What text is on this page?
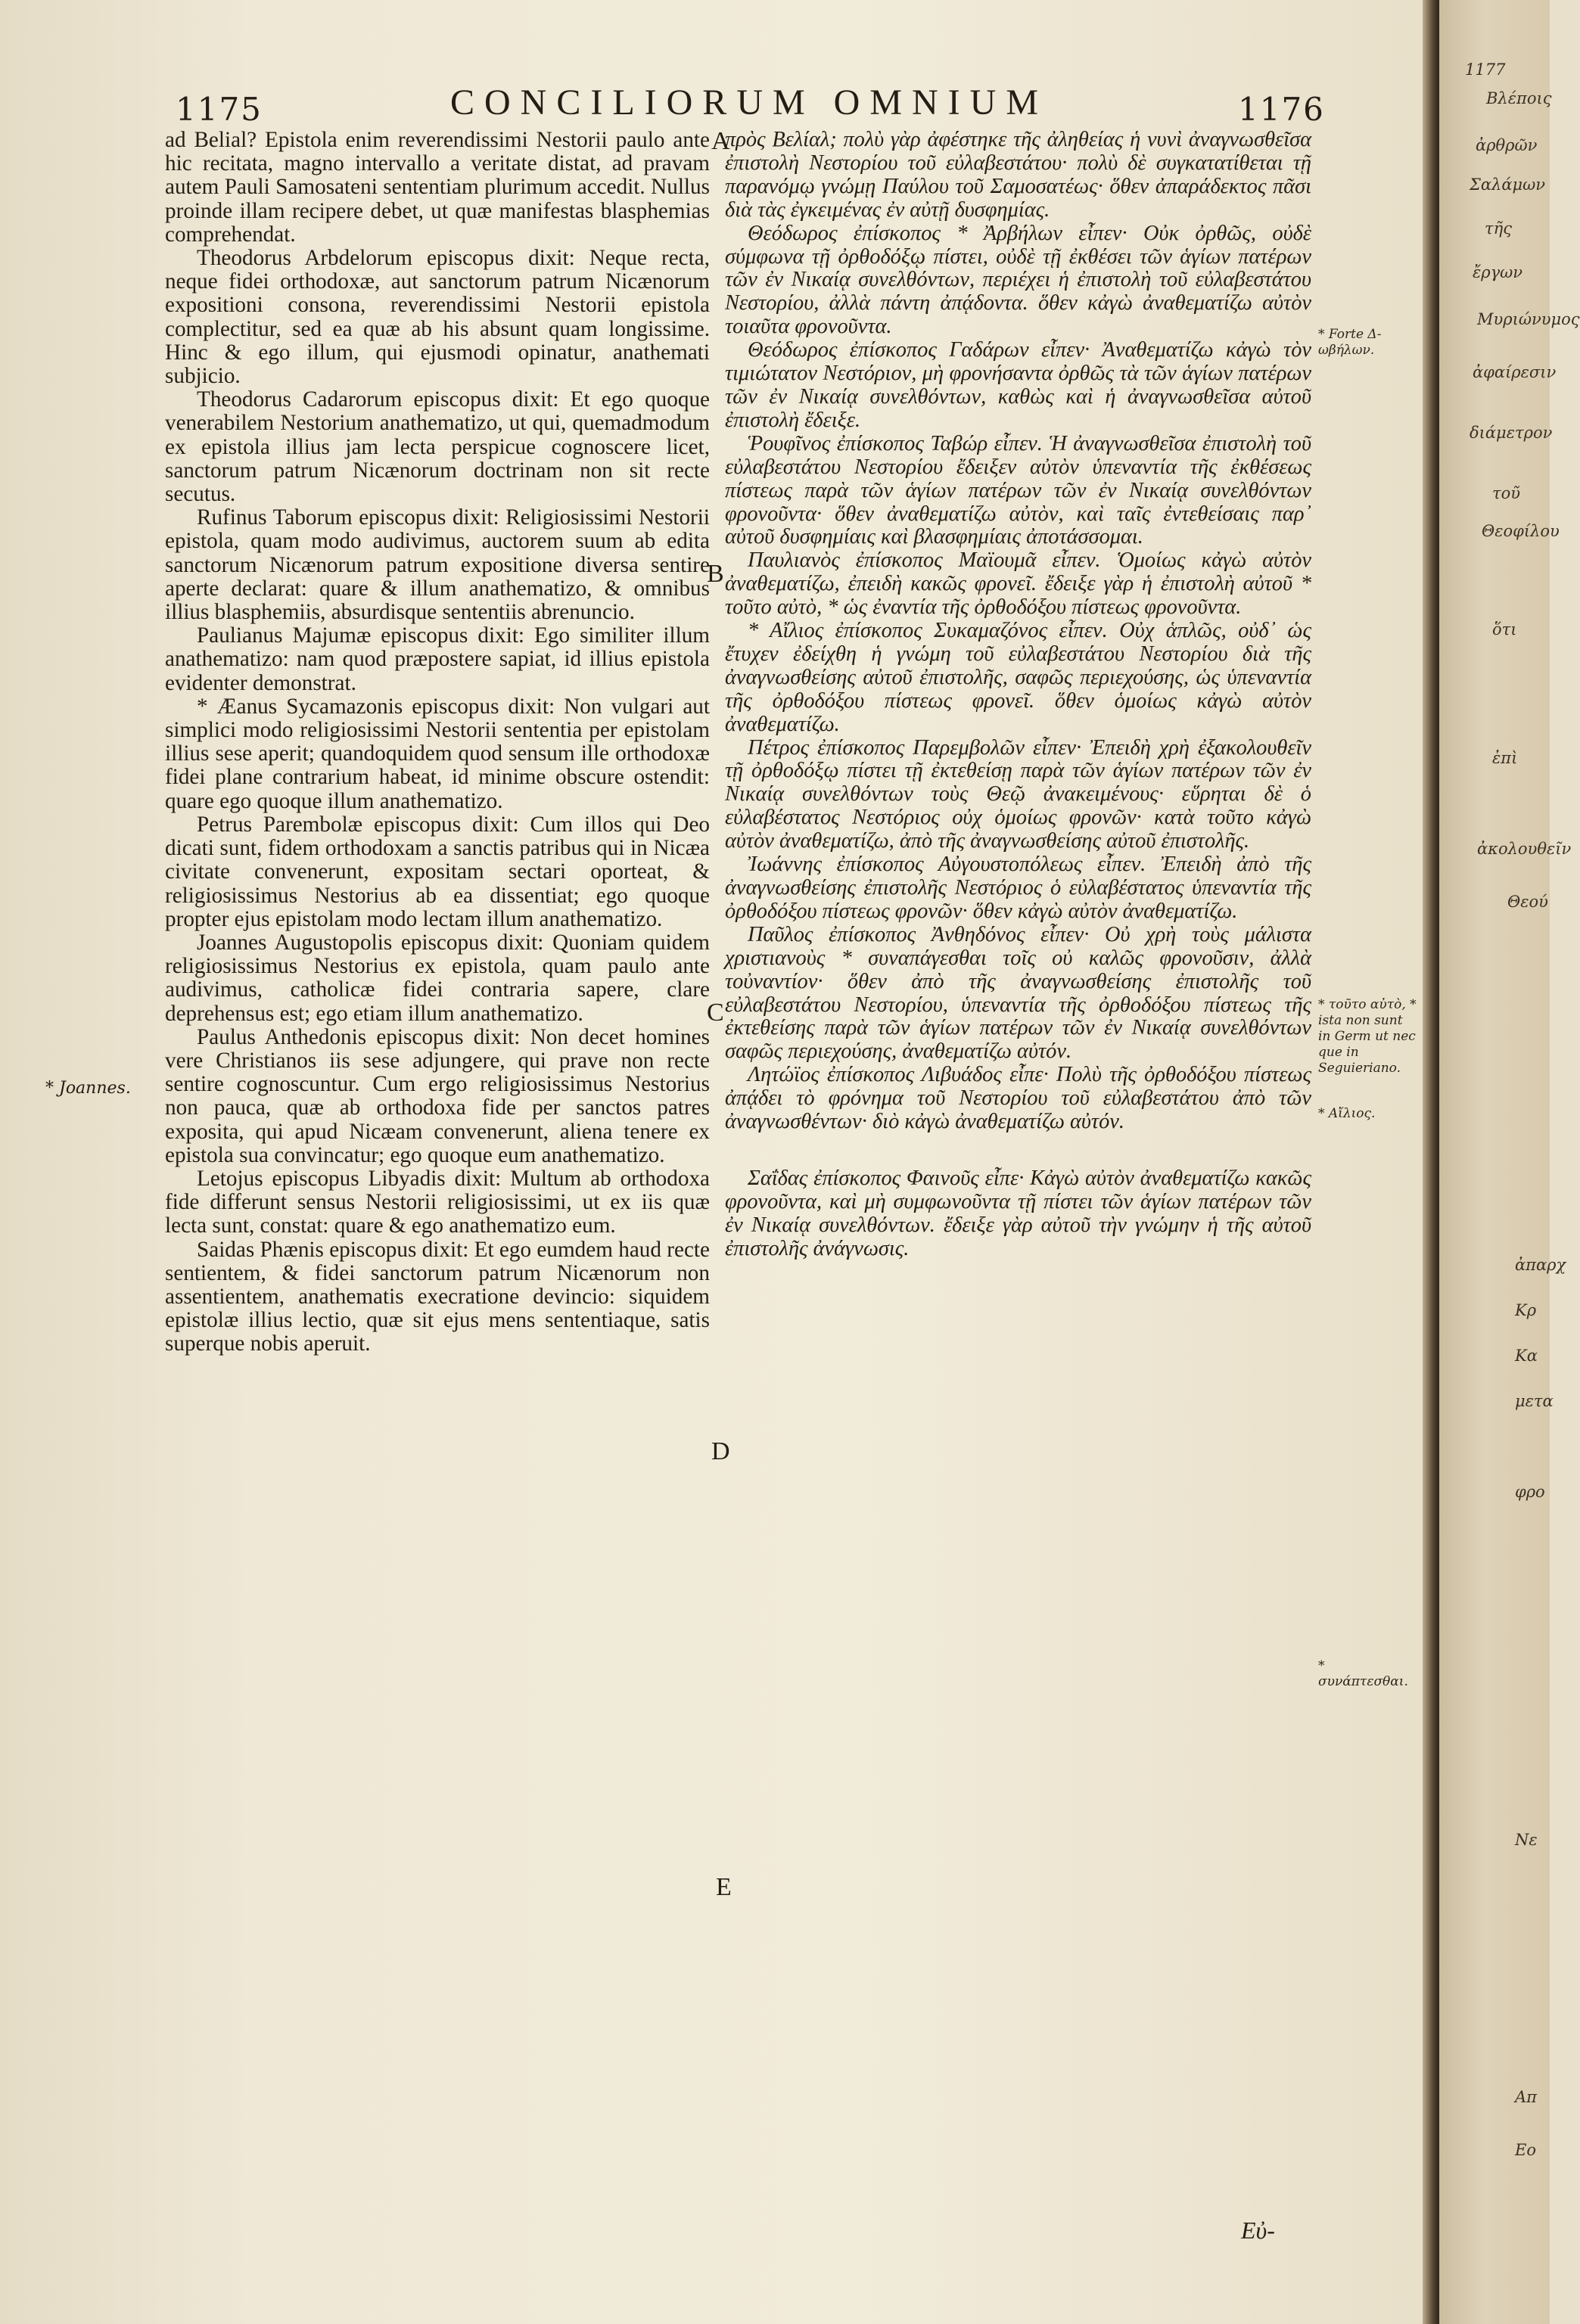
1175	CONCILIORUM OMNIUM	1176

ad Belial? Epistola enim reverendissimi Nestorii paulo ante hic recitata, magno intervallo a veritate distat, ad pravam autem Pauli Samosateni sententiam plurimum accedit. Nullus proinde illam recipere debet, ut quæ manifestas blasphemias comprehendat.

Theodorus Arbdelorum episcopus dixit: Neque recta, neque fidei orthodoxæ, aut sanctorum patrum Nicænorum expositioni consona, reverendissimi Nestorii epistola complectitur, sed ea quæ ab his absunt quam longissime. Hinc & ego illum, qui ejusmodi opinatur, anathemati subjicio.

Theodorus Cadarorum episcopus dixit: Et ego quoque venerabilem Nestorium anathematizo, ut qui, quemadmodum ex epistola illius jam lecta perspicue cognoscere licet, sanctorum patrum Nicænorum doctrinam non sit recte secutus.

Rufinus Taborum episcopus dixit: Religiosissimi Nestorii epistola, quam modo audivimus, auctorem suum ab edita sanctorum Nicænorum patrum expositione diversa sentire aperte declarat: quare & illum anathematizo, & omnibus illius blasphemiis, absurdisque sententiis abrenuncio.

Paulianus Majumæ episcopus dixit: Ego similiter illum anathematizo: nam quod præpostere sapiat, id illius epistola evidenter demonstrat.

* Æanus Sycamazonis episcopus dixit: Non vulgari aut simplici modo religiosissimi Nestorii sententia per epistolam illius sese aperit; quandoquidem quod sensum ille orthodoxæ fidei plane contrarium habeat, id minime obscure ostendit: quare ego quoque illum anathematizo.

Petrus Parembolæ episcopus dixit: Cum illos qui Deo dicati sunt, fidem orthodoxam a sanctis patribus qui in Nicæa civitate convenerunt, expositam sectari oporteat, & religiosissimus Nestorius ab ea dissentiat; ego quoque propter ejus epistolam modo lectam illum anathematizo.

Joannes Augustopolis episcopus dixit: Quoniam quidem religiosissimus Nestorius ex epistola, quam paulo ante audivimus, catholicæ fidei contraria sapere, clare deprehensus est; ego etiam illum anathematizo.

Paulus Anthedonis episcopus dixit: Non decet homines vere Christianos iis sese adjungere, qui prave non recte sentire cognoscuntur. Cum ergo religiosissimus Nestorius non pauca, quæ ab orthodoxa fide per sanctos patres exposita, qui apud Nicæam convenerunt, aliena tenere ex epistola sua convincatur; ego quoque eum anathematizo.

Letojus episcopus Libyadis dixit: Multum ab orthodoxa fide differunt sensus Nestorii religiosissimi, ut ex iis quæ lecta sunt, constat: quare & ego anathematizo eum.

Saidas Phænis episcopus dixit: Et ego eumdem haud recte sentientem, & fidei sanctorum patrum Nicænorum non assentientem, anathematis execratione devincio: siquidem epistolæ illius lectio, quæ sit ejus mens sententiaque, satis superque nobis aperuit.

A
B
C
D
E

πρὸς Βελίαλ; πολὺ γὰρ ἀφέστηκε τῆς ἀληθείας ἡ νυνὶ ἀναγνωσθεῖσα ἐπιστολὴ Νεστορίου τοῦ εὐλαβεστάτου· πολὺ δὲ συγκατατίθεται τῇ παρανόμῳ γνώμῃ Παύλου τοῦ Σαμοσατέως· ὅθεν ἀπαράδεκτος πᾶσι διὰ τὰς ἐγκειμένας ἐν αὐτῇ δυσφημίας.

Θεόδωρος ἐπίσκοπος * Ἀρβήλων εἶπεν· Οὐκ ὀρθῶς, οὐδὲ σύμφωνα τῇ ὀρθοδόξῳ πίστει, οὐδὲ τῇ ἐκθέσει τῶν ἁγίων πατέρων τῶν ἐν Νικαίᾳ συνελθόντων, περιέχει ἡ ἐπιστολὴ τοῦ εὐλαβεστάτου Νεστορίου, ἀλλὰ πάντη ἀπᾴδοντα. ὅθεν κἀγὼ ἀναθεματίζω αὐτὸν τοιαῦτα φρονοῦντα.

Θεόδωρος ἐπίσκοπος Γαδάρων εἶπεν· Ἀναθεματίζω κἀγὼ τὸν τιμιώτατον Νεστόριον, μὴ φρονήσαντα ὀρθῶς τὰ τῶν ἁγίων πατέρων τῶν ἐν Νικαίᾳ συνελθόντων, καθὼς καὶ ἡ ἀναγνωσθεῖσα αὐτοῦ ἐπιστολὴ ἔδειξε.

Ῥουφῖνος ἐπίσκοπος Ταβώρ εἶπεν. Ἡ ἀναγνωσθεῖσα ἐπιστολὴ τοῦ εὐλαβεστάτου Νεστορίου ἔδειξεν αὐτὸν ὑπεναντία τῆς ἐκθέσεως πίστεως παρὰ τῶν ἁγίων πατέρων τῶν ἐν Νικαίᾳ συνελθόντων φρονοῦντα· ὅθεν ἀναθεματίζω αὐτὸν, καὶ ταῖς ἐντεθείσαις παρ᾽ αὐτοῦ δυσφημίαις καὶ βλασφημίαις ἀποτάσσομαι.

Παυλιανὸς ἐπίσκοπος Μαϊουμᾶ εἶπεν. Ὁμοίως κἀγὼ αὐτὸν ἀναθεματίζω, ἐπειδὴ κακῶς φρονεῖ. ἔδειξε γὰρ ἡ ἐπιστολὴ αὐτοῦ * τοῦτο αὐτὸ, * ὡς ἐναντία τῆς ὀρθοδόξου πίστεως φρονοῦντα.

* Αἴλιος ἐπίσκοπος Συκαμαζόνος εἶπεν. Οὐχ ἁπλῶς, οὐδ᾽ ὡς ἔτυχεν ἐδείχθη ἡ γνώμη τοῦ εὐλαβεστάτου Νεστορίου διὰ τῆς ἀναγνωσθείσης αὐτοῦ ἐπιστολῆς, σαφῶς περιεχούσης, ὡς ὑπεναντία τῆς ὀρθοδόξου πίστεως φρονεῖ. ὅθεν ὁμοίως κἀγὼ αὐτὸν ἀναθεματίζω.

Πέτρος ἐπίσκοπος Παρεμβολῶν εἶπεν· Ἐπειδὴ χρὴ ἐξακολουθεῖν τῇ ὀρθοδόξῳ πίστει τῇ ἐκτεθείσῃ παρὰ τῶν ἁγίων πατέρων τῶν ἐν Νικαίᾳ συνελθόντων τοὺς Θεῷ ἀνακειμένους· εὕρηται δὲ ὁ εὐλαβέστατος Νεστόριος οὐχ ὁμοίως φρονῶν· κατὰ τοῦτο κἀγὼ αὐτὸν ἀναθεματίζω, ἀπὸ τῆς ἀναγνωσθείσης αὐτοῦ ἐπιστολῆς.

Ἰωάννης ἐπίσκοπος Αὐγουστοπόλεως εἶπεν. Ἐπειδὴ ἀπὸ τῆς ἀναγνωσθείσης ἐπιστολῆς Νεστόριος ὁ εὐλαβέστατος ὑπεναντία τῆς ὀρθοδόξου πίστεως φρονῶν· ὅθεν κἀγὼ αὐτὸν ἀναθεματίζω.

Παῦλος ἐπίσκοπος Ἀνθηδόνος εἶπεν· Οὐ χρὴ τοὺς μάλιστα χριστιανοὺς * συναπάγεσθαι τοῖς οὐ καλῶς φρονοῦσιν, ἀλλὰ τοὐναντίον· ὅθεν ἀπὸ τῆς ἀναγνωσθείσης ἐπιστολῆς τοῦ εὐλαβεστάτου Νεστορίου, ὑπεναντία τῆς ὀρθοδόξου πίστεως τῆς ἐκτεθείσης παρὰ τῶν ἁγίων πατέρων τῶν ἐν Νικαίᾳ συνελθόντων σαφῶς περιεχούσης, ἀναθεματίζω αὐτόν.

Λητώϊος ἐπίσκοπος Λιβυάδος εἶπε· Πολὺ τῆς ὀρθοδόξου πίστεως ἀπᾴδει τὸ φρόνημα τοῦ Νεστορίου τοῦ εὐλαβεστάτου ἀπὸ τῶν ἀναγνωσθέντων· διὸ κἀγὼ ἀναθεματίζω αὐτόν.

Σαΐδας ἐπίσκοπος Φαινοῦς εἶπε· Κἀγὼ αὐτὸν ἀναθεματίζω κακῶς φρονοῦντα, καὶ μὴ συμφωνοῦντα τῇ πίστει τῶν ἁγίων πατέρων τῶν ἐν Νικαίᾳ συνελθόντων. ἔδειξε γὰρ αὐτοῦ τὴν γνώμην ἡ τῆς αὐτοῦ ἐπιστολῆς ἀνάγνωσις.

* Joannes.
* Forte Δ- ωβήλων.
* τοῦτο αὐτὸ, * ista non sunt in Germ ut nec que in Seguieriano.
* Αἴλιος.
* συνάπτεσθαι.
Εὐ-
1177
Βλέποις
ἀρθρῶν
Σαλάμων
τῆς
ἔργων
Μυριώνυμος
ἀφαίρεσιν
διάμετρον
τοῦ
Θεοφίλου
ὅτι
ἐπὶ
ἀκολουθεῖν
Θεού
ἀπαρχ
Κρ
Κα
μετα
φρο
Νε
Απ
Εο
